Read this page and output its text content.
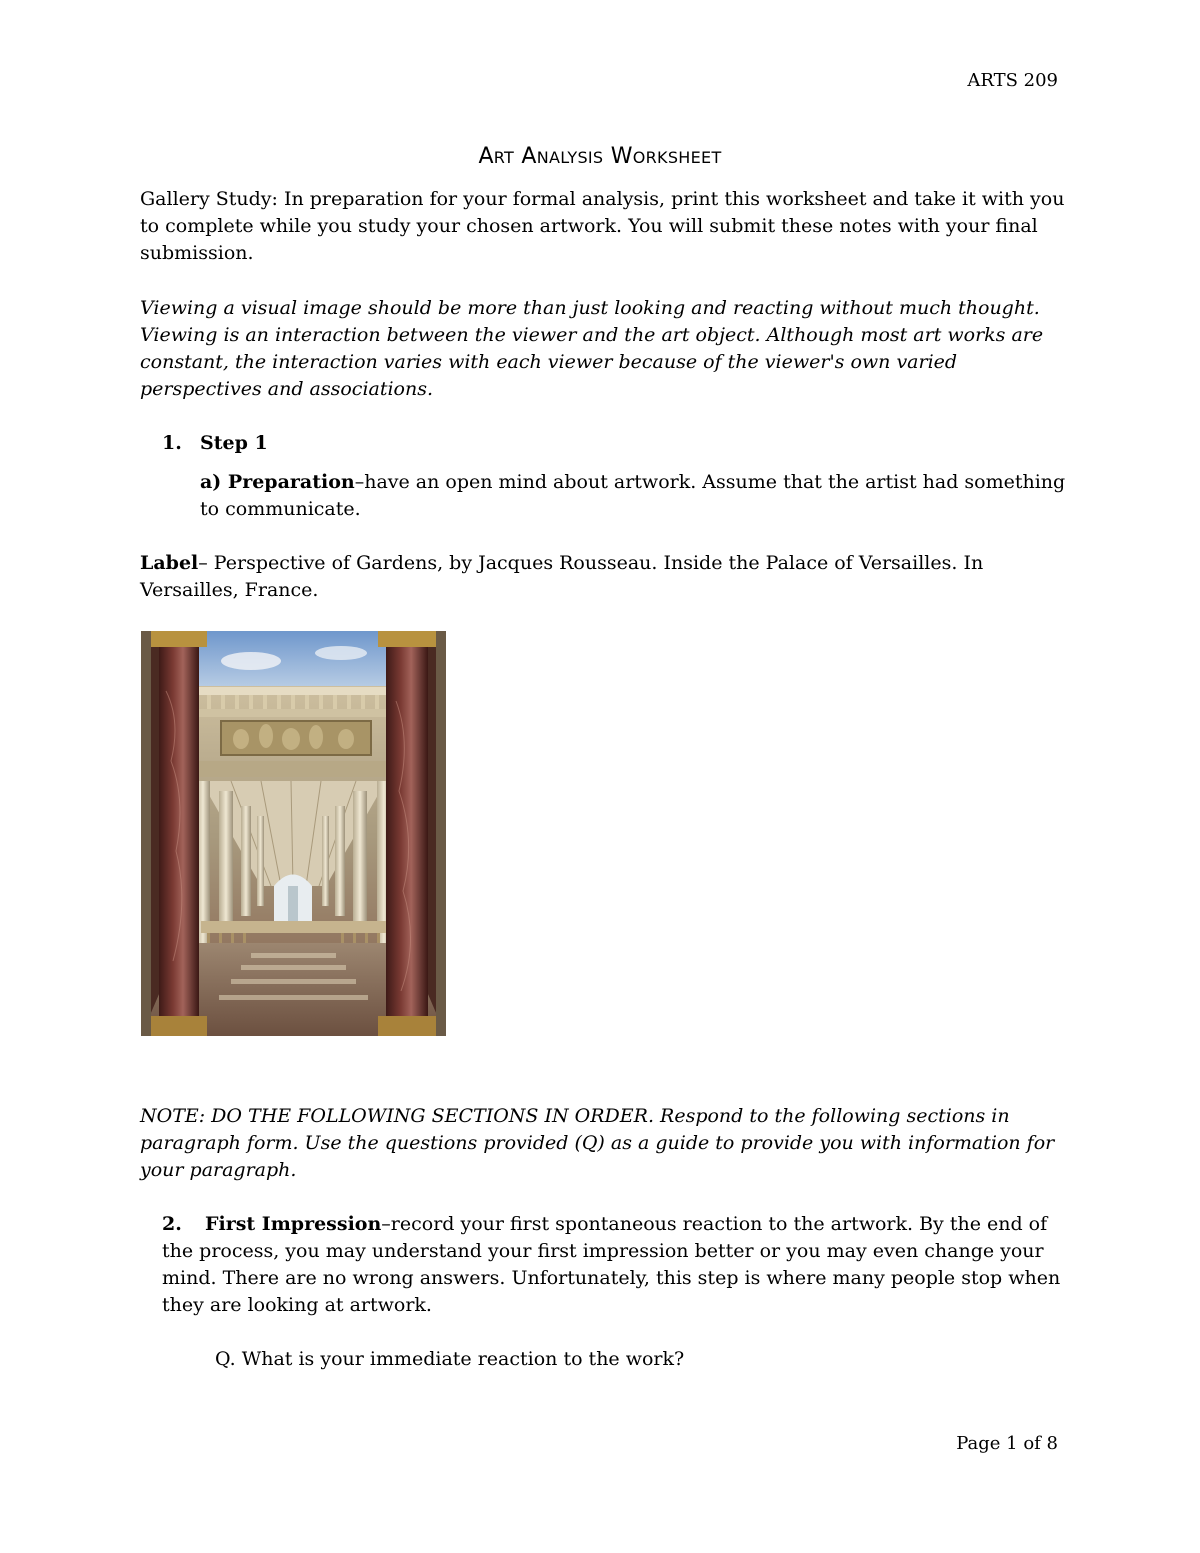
ARTS 209
ART ANALYSIS WORKSHEET

Gallery Study: In preparation for your formal analysis, print this worksheet and take it with you to complete while you study your chosen artwork. You will submit these notes with your final submission.

Viewing a visual image should be more than just looking and reacting without much thought. Viewing is an interaction between the viewer and the art object. Although most art works are constant, the interaction varies with each viewer because of the viewer's own varied perspectives and associations.

1. Step 1

a) Preparation–have an open mind about artwork. Assume that the artist had something to communicate.

Label– Perspective of Gardens, by Jacques Rousseau. Inside the Palace of Versailles. In Versailles, France.

NOTE: DO THE FOLLOWING SECTIONS IN ORDER. Respond to the following sections in paragraph form. Use the questions provided (Q) as a guide to provide you with information for your paragraph.

2. First Impression–record your first spontaneous reaction to the artwork. By the end of the process, you may understand your first impression better or you may even change your mind. There are no wrong answers. Unfortunately, this step is where many people stop when they are looking at artwork.

Q. What is your immediate reaction to the work?

Page 1 of 8
